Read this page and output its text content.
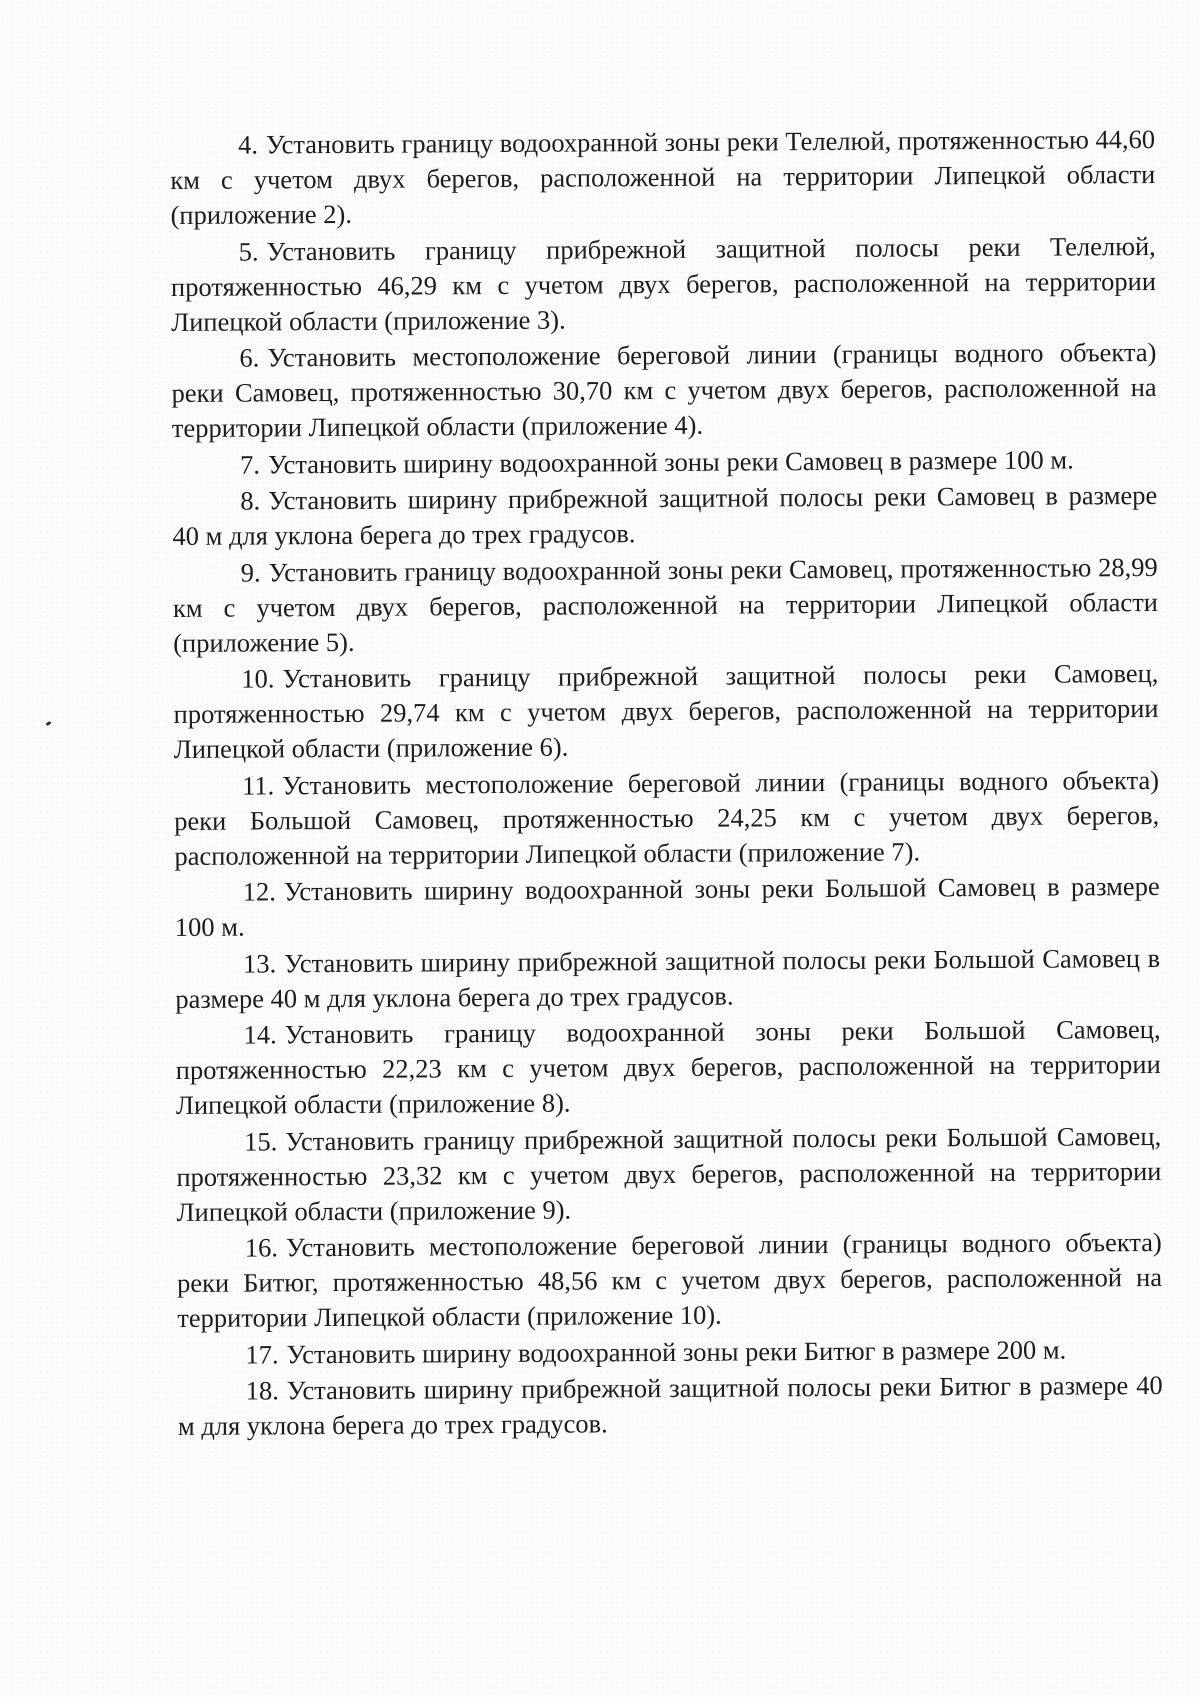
4. Установить границу водоохранной зоны реки Телелюй, протяженностью 44,60 км с учетом двух берегов, расположенной на территории Липецкой области (приложение 2).

5. Установить границу прибрежной защитной полосы реки Телелюй, протяженностью 46,29 км с учетом двух берегов, расположенной на территории Липецкой области (приложение 3).

6. Установить местоположение береговой линии (границы водного объекта) реки Самовец, протяженностью 30,70 км с учетом двух берегов, расположенной на территории Липецкой области (приложение 4).

7. Установить ширину водоохранной зоны реки Самовец в размере 100 м.

8. Установить ширину прибрежной защитной полосы реки Самовец в размере 40 м для уклона берега до трех градусов.

9. Установить границу водоохранной зоны реки Самовец, протяженностью 28,99 км с учетом двух берегов, расположенной на территории Липецкой области (приложение 5).

10. Установить границу прибрежной защитной полосы реки Самовец, протяженностью 29,74 км с учетом двух берегов, расположенной на территории Липецкой области (приложение 6).

11. Установить местоположение береговой линии (границы водного объекта) реки Большой Самовец, протяженностью 24,25 км с учетом двух берегов, расположенной на территории Липецкой области (приложение 7).

12. Установить ширину водоохранной зоны реки Большой Самовец в размере 100 м.

13. Установить ширину прибрежной защитной полосы реки Большой Самовец в размере 40 м для уклона берега до трех градусов.

14. Установить границу водоохранной зоны реки Большой Самовец, протяженностью 22,23 км с учетом двух берегов, расположенной на территории Липецкой области (приложение 8).

15. Установить границу прибрежной защитной полосы реки Большой Самовец, протяженностью 23,32 км с учетом двух берегов, расположенной на территории Липецкой области (приложение 9).

16. Установить местоположение береговой линии (границы водного объекта) реки Битюг, протяженностью 48,56 км с учетом двух берегов, расположенной на территории Липецкой области (приложение 10).

17. Установить ширину водоохранной зоны реки Битюг в размере 200 м.

18. Установить ширину прибрежной защитной полосы реки Битюг в размере 40 м для уклона берега до трех градусов.
